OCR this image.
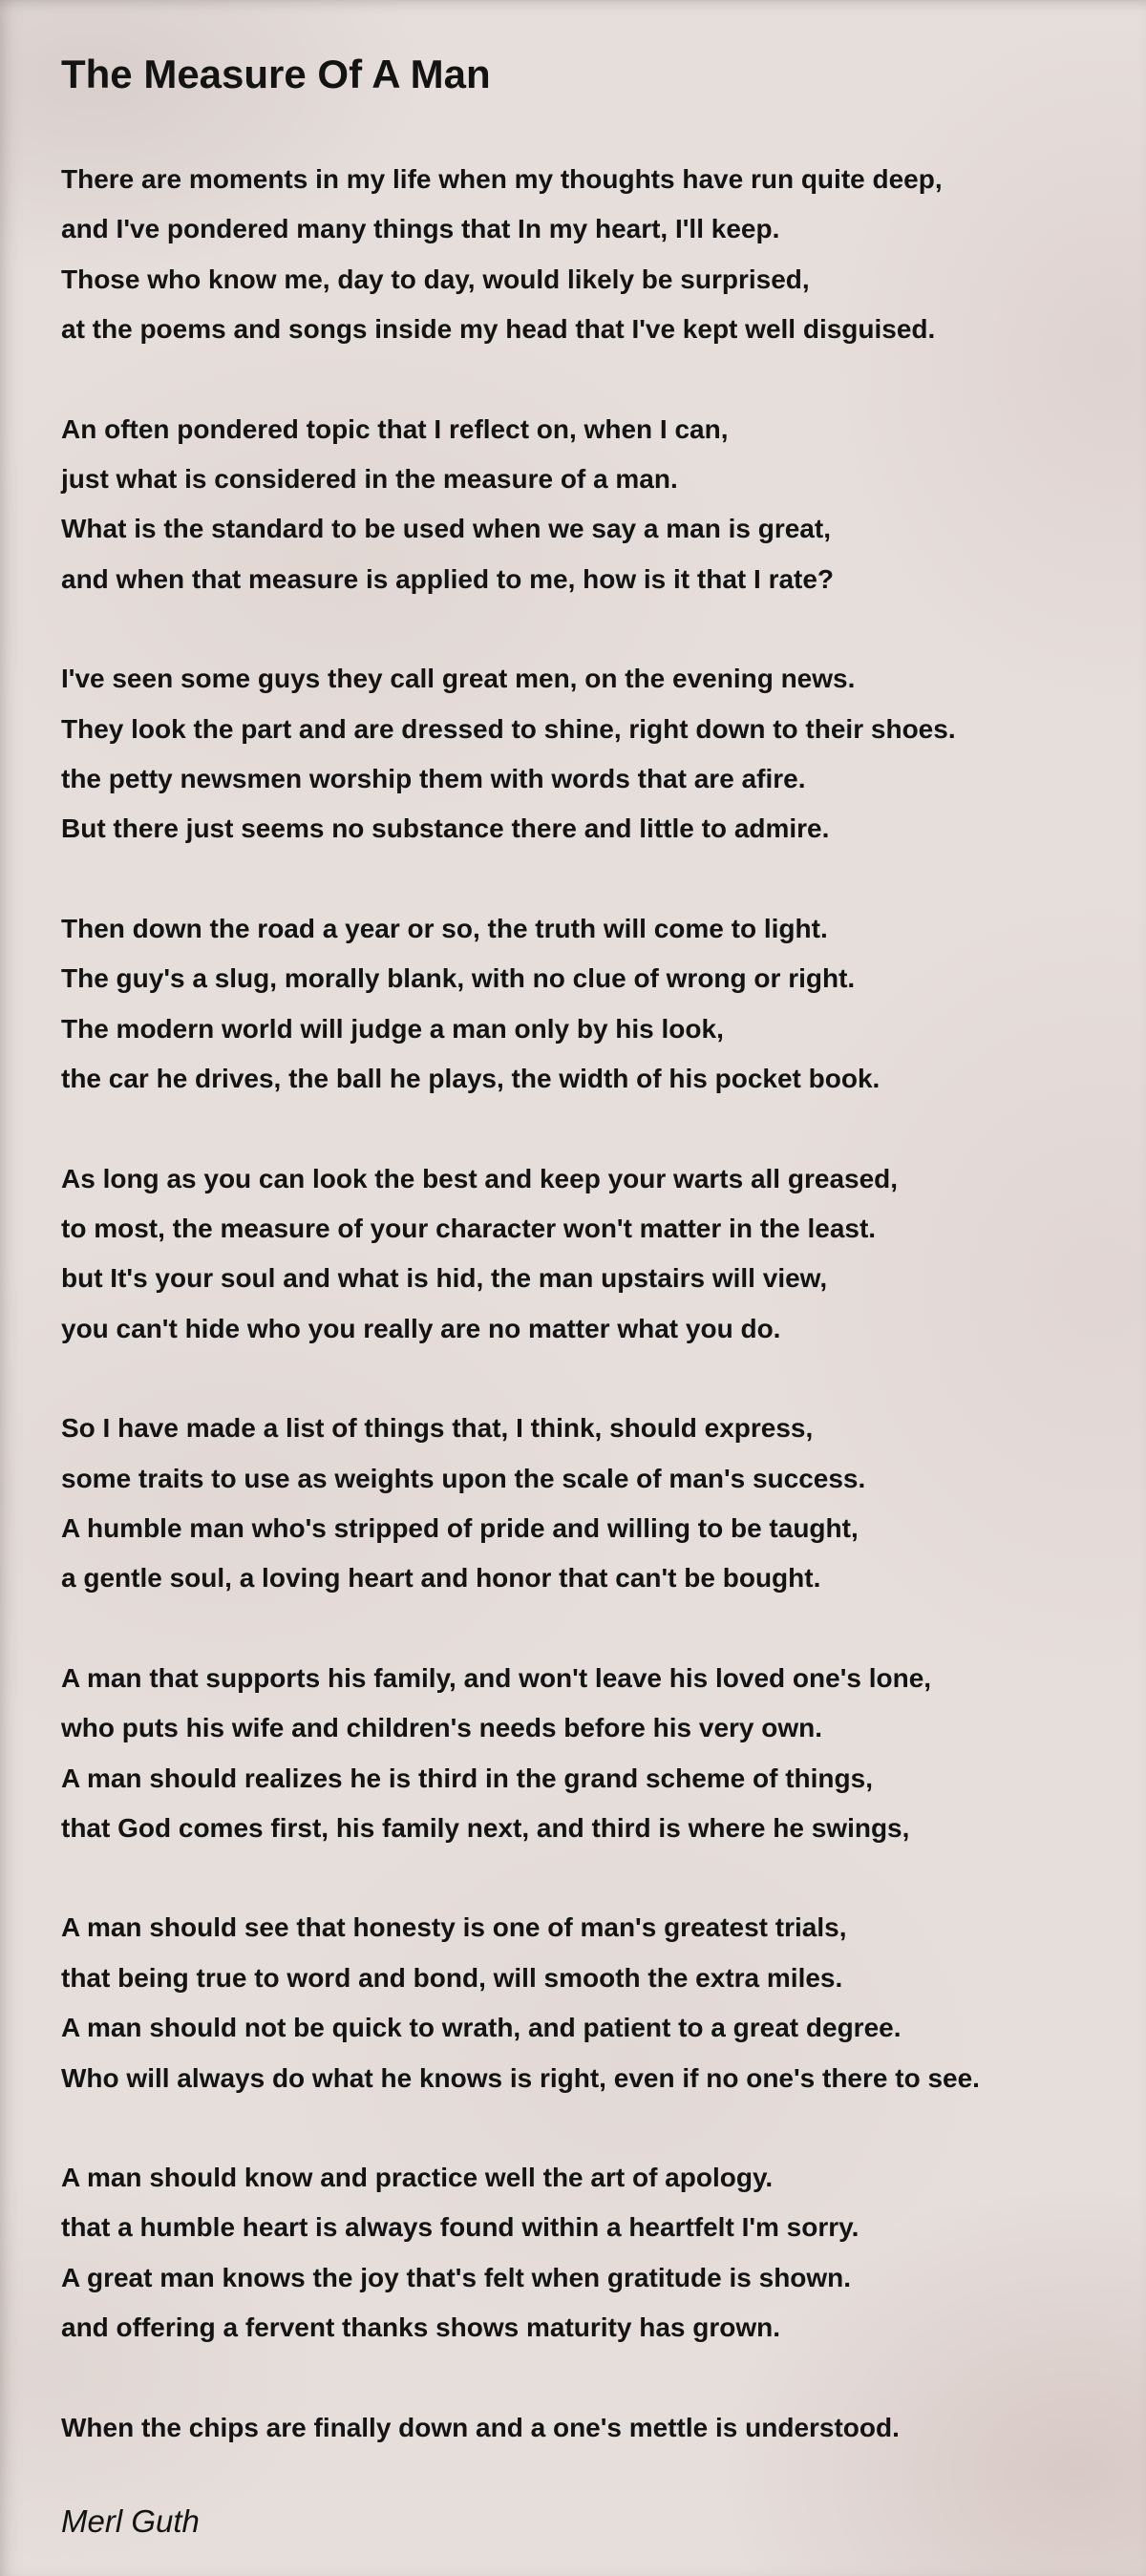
The Measure Of A Man

There are moments in my life when my thoughts have run quite deep,

and I've pondered many things that In my heart, I'll keep.

Those who know me, day to day, would likely be surprised,

at the poems and songs inside my head that I've kept well disguised.

An often pondered topic that I reflect on, when I can,

just what is considered in the measure of a man.

What is the standard to be used when we say a man is great,

and when that measure is applied to me, how is it that I rate?

I've seen some guys they call great men, on the evening news.

They look the part and are dressed to shine, right down to their shoes.

the petty newsmen worship them with words that are afire.

But there just seems no substance there and little to admire.

Then down the road a year or so, the truth will come to light.

The guy's a slug, morally blank, with no clue of wrong or right.

The modern world will judge a man only by his look,

the car he drives, the ball he plays, the width of his pocket book.

As long as you can look the best and keep your warts all greased,

to most, the measure of your character won't matter in the least.

but It's your soul and what is hid, the man upstairs will view,

you can't hide who you really are no matter what you do.

So I have made a list of things that, I think, should express,

some traits to use as weights upon the scale of man's success.

A humble man who's stripped of pride and willing to be taught,

a gentle soul, a loving heart and honor that can't be bought.

A man that supports his family, and won't leave his loved one's lone,

who puts his wife and children's needs before his very own.

A man should realizes he is third in the grand scheme of things,

that God comes first, his family next, and third is where he swings,

A man should see that honesty is one of man's greatest trials,

that being true to word and bond, will smooth the extra miles.

A man should not be quick to wrath, and patient to a great degree.

Who will always do what he knows is right, even if no one's there to see.

A man should know and practice well the art of apology.

that a humble heart is always found within a heartfelt I'm sorry.

A great man knows the joy that's felt when gratitude is shown.

and offering a fervent thanks shows maturity has grown.

When the chips are finally down and a one's mettle is understood.

Merl Guth
